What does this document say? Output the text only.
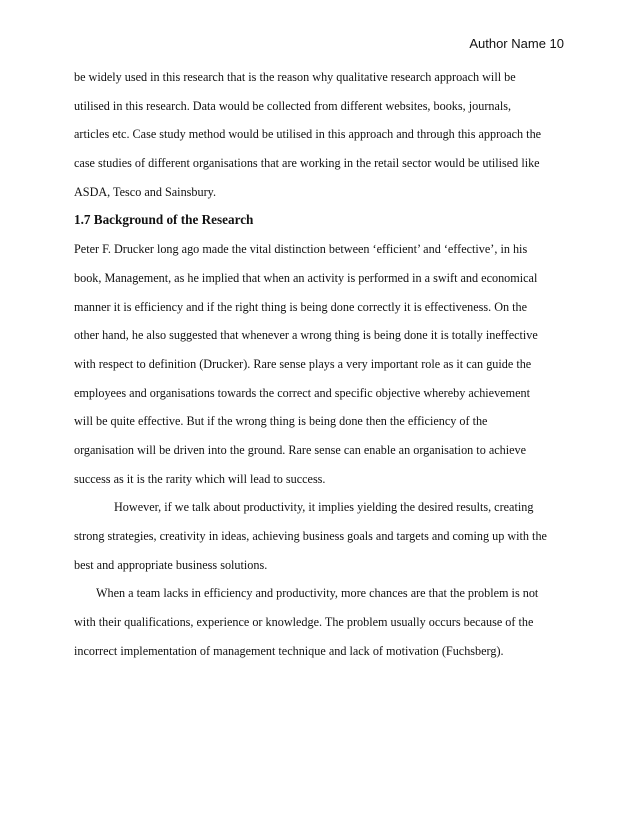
Author Name 10
be widely used in this research that is the reason why qualitative research approach will be
utilised in this research. Data would be collected from different websites, books, journals,
articles etc. Case study method would be utilised in this approach and through this approach the
case studies of different organisations that are working in the retail sector would be utilised like
ASDA, Tesco and Sainsbury.
1.7 Background of the Research
Peter F. Drucker long ago made the vital distinction between ‘efficient’ and ‘effective’, in his
book, Management, as he implied that when an activity is performed in a swift and economical
manner it is efficiency and if the right thing is being done correctly it is effectiveness. On the
other hand, he also suggested that whenever a wrong thing is being done it is totally ineffective
with respect to definition (Drucker). Rare sense plays a very important role as it can guide the
employees and organisations towards the correct and specific objective whereby achievement
will be quite effective. But if the wrong thing is being done then the efficiency of the
organisation will be driven into the ground. Rare sense can enable an organisation to achieve
success as it is the rarity which will lead to success.
However, if we talk about productivity, it implies yielding the desired results, creating
strong strategies, creativity in ideas, achieving business goals and targets and coming up with the
best and appropriate business solutions.
When a team lacks in efficiency and productivity, more chances are that the problem is not
with their qualifications, experience or knowledge. The problem usually occurs because of the
incorrect implementation of management technique and lack of motivation (Fuchsberg).
